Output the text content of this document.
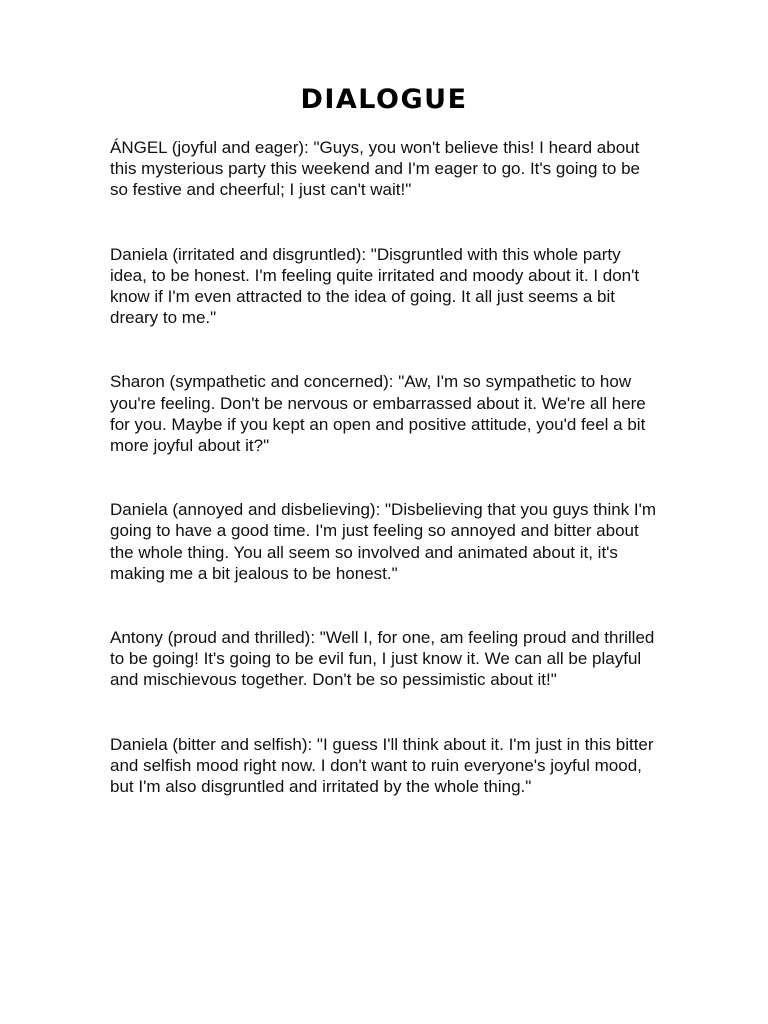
DIALOGUE

ÁNGEL (joyful and eager): "Guys, you won't believe this! I heard about this mysterious party this weekend and I'm eager to go. It's going to be so festive and cheerful; I just can't wait!"

Daniela (irritated and disgruntled): "Disgruntled with this whole party idea, to be honest. I'm feeling quite irritated and moody about it. I don't know if I'm even attracted to the idea of going. It all just seems a bit dreary to me."

Sharon (sympathetic and concerned): "Aw, I'm so sympathetic to how you're feeling. Don't be nervous or embarrassed about it. We're all here for you. Maybe if you kept an open and positive attitude, you'd feel a bit more joyful about it?"

Daniela (annoyed and disbelieving): "Disbelieving that you guys think I'm going to have a good time. I'm just feeling so annoyed and bitter about the whole thing. You all seem so involved and animated about it, it's making me a bit jealous to be honest."

Antony (proud and thrilled): "Well I, for one, am feeling proud and thrilled to be going! It's going to be evil fun, I just know it. We can all be playful and mischievous together. Don't be so pessimistic about it!"

Daniela (bitter and selfish): "I guess I'll think about it. I'm just in this bitter and selfish mood right now. I don't want to ruin everyone's joyful mood, but I'm also disgruntled and irritated by the whole thing."
